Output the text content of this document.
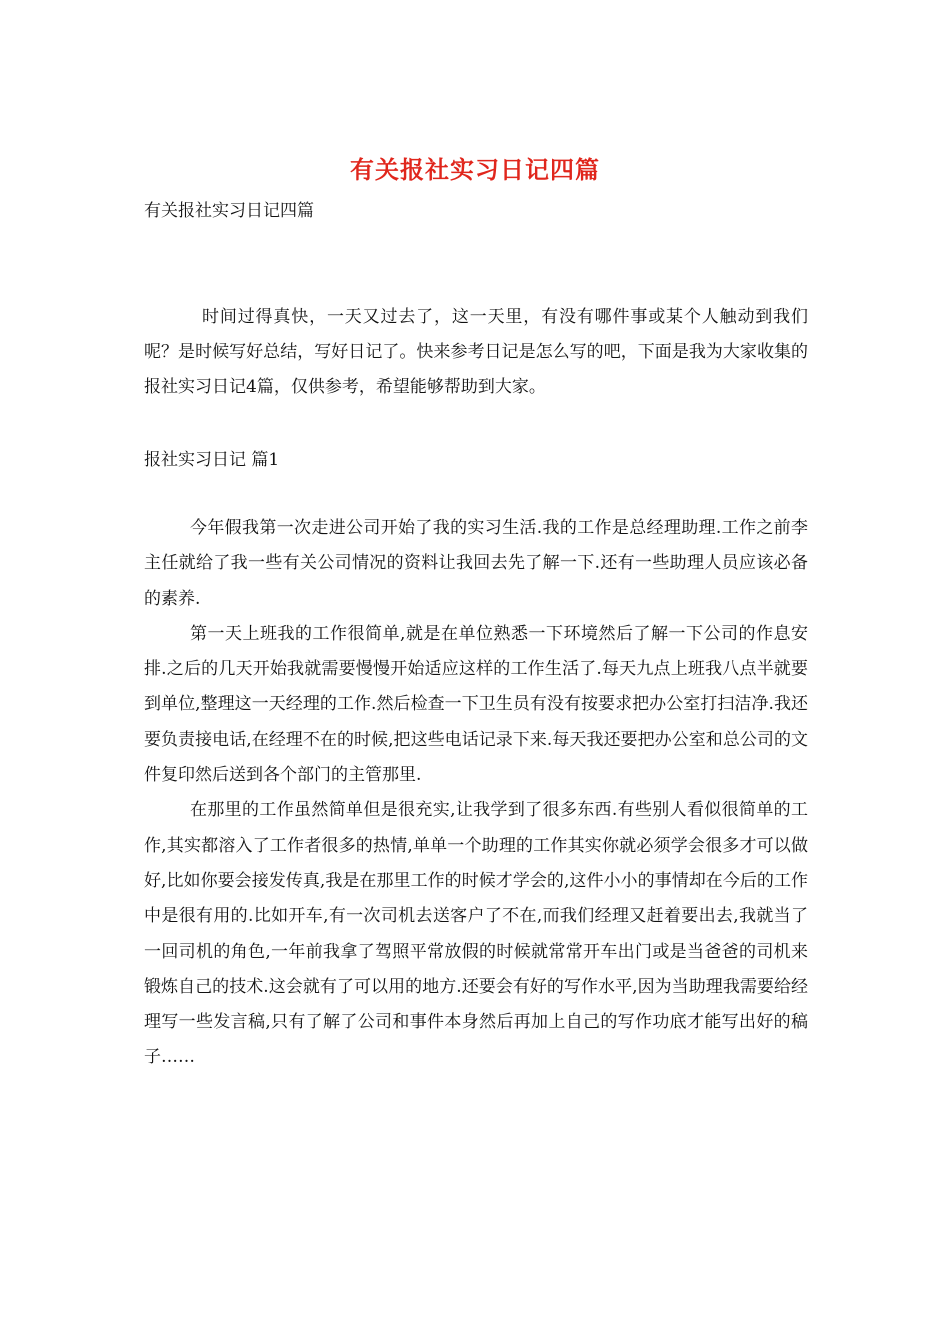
有关报社实习日记四篇

有关报社实习日记四篇

时间过得真快，一天又过去了，这一天里，有没有哪件事或某个人触动到我们呢？是时候写好总结，写好日记了。快来参考日记是怎么写的吧，下面是我为大家收集的报社实习日记4篇，仅供参考，希望能够帮助到大家。

报社实习日记 篇1

今年假我第一次走进公司开始了我的实习生活.我的工作是总经理助理.工作之前李主任就给了我一些有关公司情况的资料让我回去先了解一下.还有一些助理人员应该必备的素养.

第一天上班我的工作很简单,就是在单位熟悉一下环境然后了解一下公司的作息安排.之后的几天开始我就需要慢慢开始适应这样的工作生活了.每天九点上班我八点半就要到单位,整理这一天经理的工作.然后检查一下卫生员有没有按要求把办公室打扫洁净.我还要负责接电话,在经理不在的时候,把这些电话记录下来.每天我还要把办公室和总公司的文件复印然后送到各个部门的主管那里.

在那里的工作虽然简单但是很充实,让我学到了很多东西.有些别人看似很简单的工作,其实都溶入了工作者很多的热情,单单一个助理的工作其实你就必须学会很多才可以做好,比如你要会接发传真,我是在那里工作的时候才学会的,这件小小的事情却在今后的工作中是很有用的.比如开车,有一次司机去送客户了不在,而我们经理又赶着要出去,我就当了一回司机的角色,一年前我拿了驾照平常放假的时候就常常开车出门或是当爸爸的司机来锻炼自己的技术.这会就有了可以用的地方.还要会有好的写作水平,因为当助理我需要给经理写一些发言稿,只有了解了公司和事件本身然后再加上自己的写作功底才能写出好的稿子……
